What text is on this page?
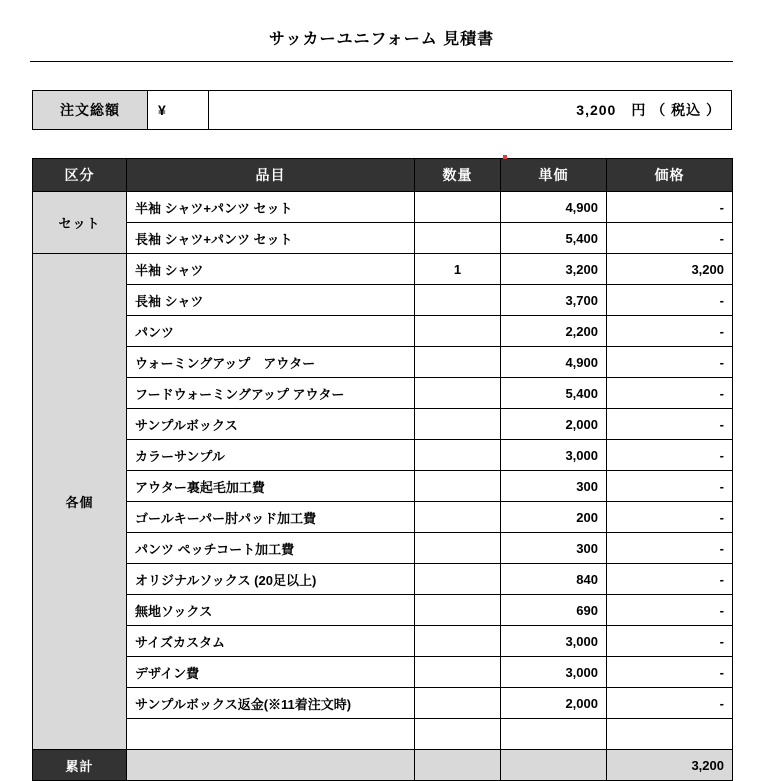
サッカーユニフォーム 見積書
注文総額	¥	3,200　円 （ 税込 ）
区分	品目	数量	単価	価格
セット	半袖 シャツ+パンツ セット		4,900	-
	長袖 シャツ+パンツ セット		5,400	-
各個	半袖 シャツ	1	3,200	3,200
	長袖 シャツ		3,700	-
	パンツ		2,200	-
	ウォーミングアップ　アウター		4,900	-
	フードウォーミングアップ アウター		5,400	-
	サンプルボックス		2,000	-
	カラーサンプル		3,000	-
	アウター裏起毛加工費		300	-
	ゴールキーパー肘パッド加工費		200	-
	パンツ ペッチコート加工費		300	-
	オリジナルソックス (20足以上)		840	-
	無地ソックス		690	-
	サイズカスタム		3,000	-
	デザイン費		3,000	-
	サンプルボックス返金(※11着注文時)		2,000	-

累計				3,200
